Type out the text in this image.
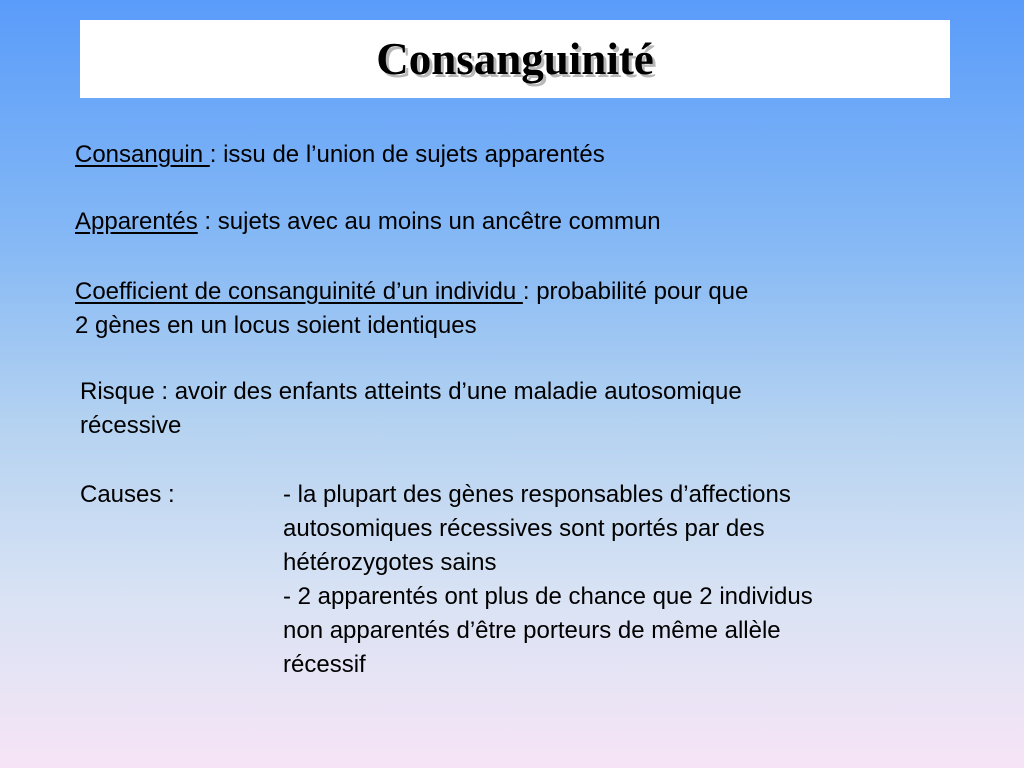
Consanguinité

Consanguin : issu de l’union de sujets apparentés

Apparentés : sujets avec au moins un ancêtre commun

Coefficient de consanguinité d’un individu : probabilité pour que

2 gènes en un locus soient identiques

Risque : avoir des enfants atteints d’une maladie autosomique

récessive

Causes :	- la plupart des gènes responsables d’affections

autosomiques récessives sont portés par des

hétérozygotes sains

- 2 apparentés ont plus de chance que 2 individus

non apparentés d’être porteurs de même allèle

récessif
